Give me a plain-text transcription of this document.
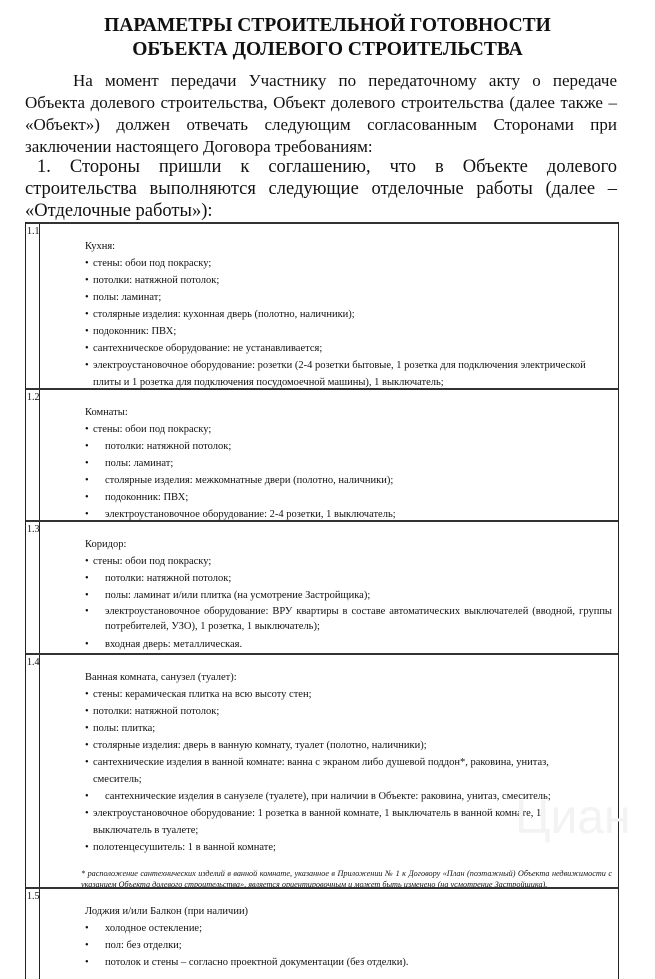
ПАРАМЕТРЫ СТРОИТЕЛЬНОЙ ГОТОВНОСТИ
ОБЪЕКТА ДОЛЕВОГО СТРОИТЕЛЬСТВА
На момент передачи Участнику по передаточному акту о передаче Объекта долевого строительства, Объект долевого строительства (далее также – «Объект») должен отвечать следующим согласованным Сторонами при заключении настоящего Договора требованиям:
1. Стороны пришли к соглашению, что в Объекте долевого строительства выполняются следующие отделочные работы (далее – «Отделочные работы»):
1.1
Кухня:
• стены: обои под покраску;
• потолки: натяжной потолок;
• полы: ламинат;
• столярные изделия: кухонная дверь (полотно, наличники);
• подоконник: ПВХ;
• сантехническое оборудование: не устанавливается;
• электроустановочное оборудование: розетки (2-4 розетки бытовые, 1 розетка для подключения электрической плиты и 1 розетка для подключения посудомоечной машины), 1 выключатель;
1.2
Комнаты:
• стены: обои под покраску;
• потолки: натяжной потолок;
• полы: ламинат;
• столярные изделия: межкомнатные двери (полотно, наличники);
• подоконник: ПВХ;
• электроустановочное оборудование: 2-4 розетки, 1 выключатель;
1.3
Коридор:
• стены: обои под покраску;
• потолки: натяжной потолок;
• полы: ламинат и/или плитка (на усмотрение Застройщика);
• электроустановочное оборудование: ВРУ квартиры в составе автоматических выключателей (вводной, группы потребителей, УЗО), 1 розетка, 1 выключатель);
• входная дверь: металлическая.
1.4
Ванная комната, санузел (туалет):
• стены: керамическая плитка на всю высоту стен;
• потолки: натяжной потолок;
• полы: плитка;
• столярные изделия: дверь в ванную комнату, туалет (полотно, наличники);
• сантехнические изделия в ванной комнате: ванна с экраном либо душевой поддон*, раковина, унитаз, смеситель;
• сантехнические изделия в санузеле (туалете), при наличии в Объекте: раковина, унитаз, смеситель;
• электроустановочное оборудование: 1 розетка в ванной комнате, 1 выключатель в ванной комнате, 1 выключатель в туалете;
• полотенцесушитель: 1 в ванной комнате;
* расположение сантехнических изделий в ванной комнате, указанное в Приложении № 1 к Договору «План (поэтажный) Объекта недвижимости с указанием Объекта долевого строительства», является ориентировочным и может быть изменено (на усмотрение Застройщика).
1.5
Лоджия и/или Балкон (при наличии)
• холодное остекление;
• пол: без отделки;
• потолок и стены – согласно проектной документации (без отделки).
Циан
